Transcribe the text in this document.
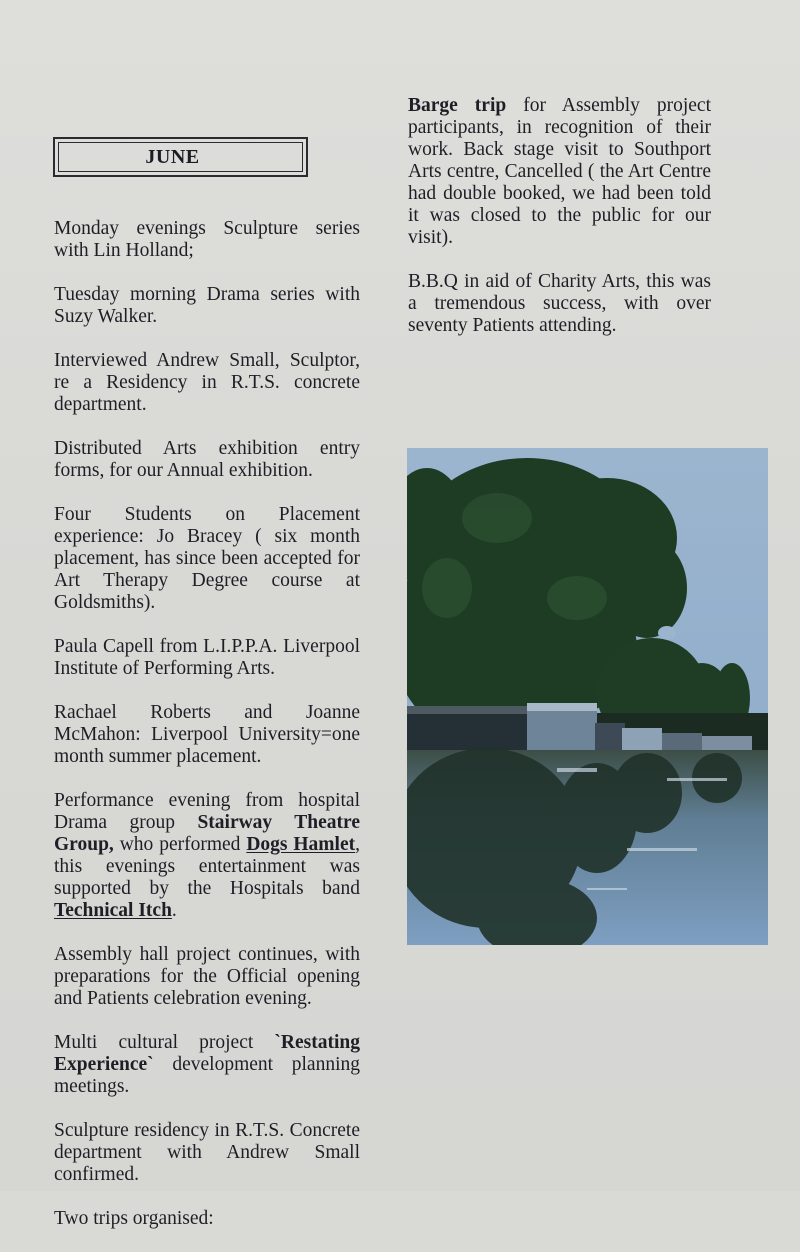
JUNE

Monday evenings Sculpture series with Lin Holland;

Tuesday morning Drama series with Suzy Walker.

Interviewed Andrew Small, Sculptor, re a Residency in R.T.S. concrete department.

Distributed Arts exhibition entry forms, for our Annual exhibition.

Four Students on Placement experience: Jo Bracey ( six month placement, has since been accepted for Art Therapy Degree course at Goldsmiths).

Paula Capell from L.I.P.P.A. Liverpool Institute of Performing Arts.

Rachael Roberts and Joanne McMahon: Liverpool University=one month summer placement.

Performance evening from hospital Drama group Stairway Theatre Group, who performed Dogs Hamlet, this evenings entertainment was supported by the Hospitals band Technical Itch.

Assembly hall project continues, with preparations for the Official opening and Patients celebration evening.

Multi cultural project `Restating Experience` development planning meetings.

Sculpture residency in R.T.S. Concrete department with Andrew Small confirmed.

Two trips organised:

Barge trip for Assembly project participants, in recognition of their work. Back stage visit to Southport Arts centre, Cancelled ( the Art Centre had double booked, we had been told it was closed to the public for our visit).

B.B.Q in aid of Charity Arts, this was a tremendous success, with over seventy Patients attending.
